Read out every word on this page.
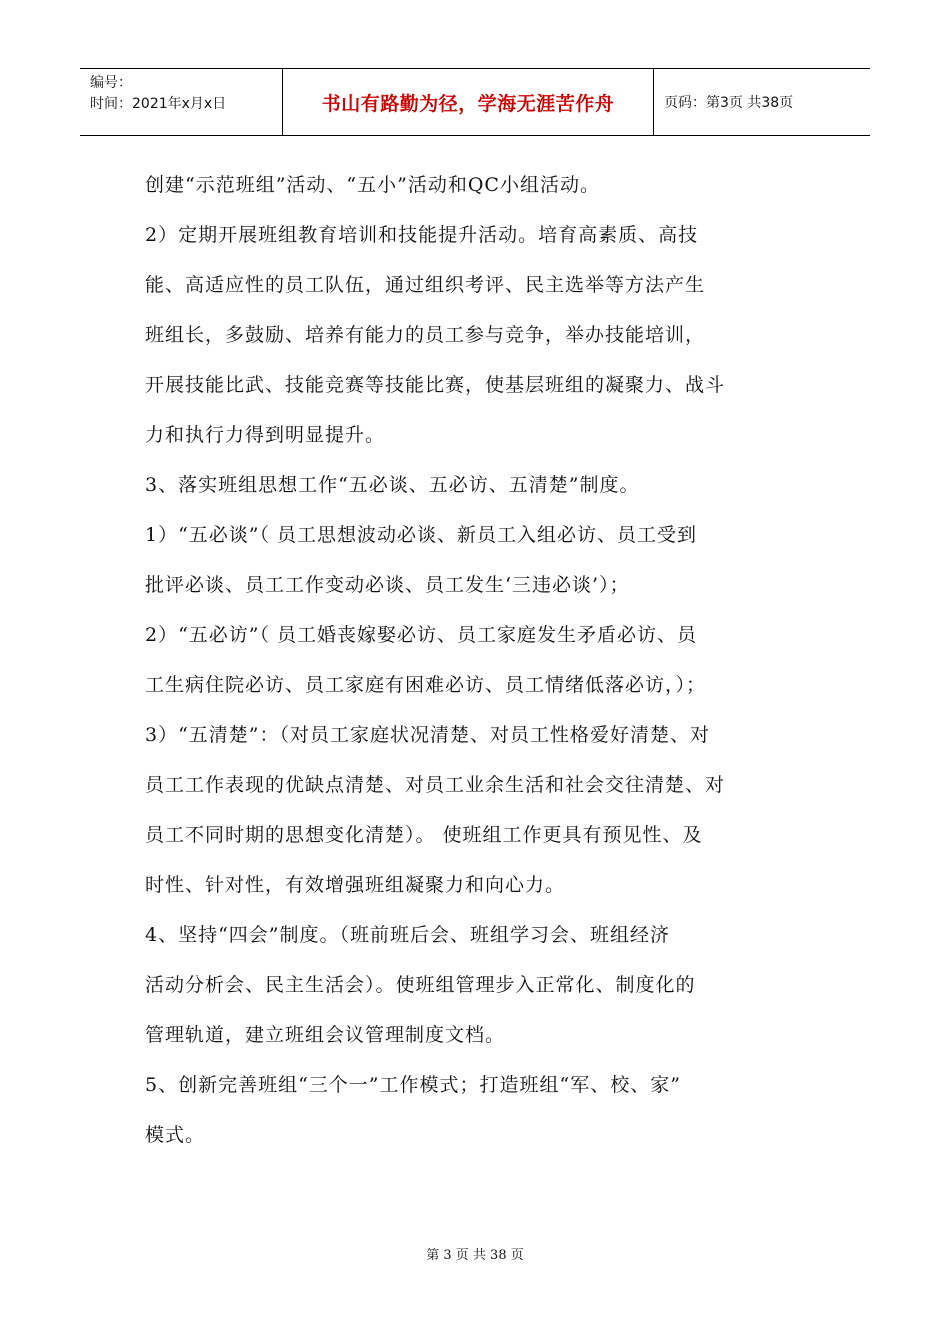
编号：
时间：2021年x月x日	书山有路勤为径，学海无涯苦作舟	页码：第3页 共38页

创建“示范班组”活动、“五小”活动和QC小组活动。

2）定期开展班组教育培训和技能提升活动。培育高素质、高技

能、高适应性的员工队伍，通过组织考评、民主选举等方法产生

班组长，多鼓励、培养有能力的员工参与竞争，举办技能培训，

开展技能比武、技能竞赛等技能比赛，使基层班组的凝聚力、战斗

力和执行力得到明显提升。

3、落实班组思想工作“五必谈、五必访、五清楚”制度。

1）“五必谈”（ 员工思想波动必谈、新员工入组必访、员工受到

批评必谈、员工工作变动必谈、员工发生‘三违必谈’）；

2）“五必访”（ 员工婚丧嫁娶必访、员工家庭发生矛盾必访、员

工生病住院必访、员工家庭有困难必访、员工情绪低落必访，）；

3）“五清楚”：（对员工家庭状况清楚、对员工性格爱好清楚、对

员工工作表现的优缺点清楚、对员工业余生活和社会交往清楚、对

员工不同时期的思想变化清楚）。 使班组工作更具有预见性、及

时性、针对性，有效增强班组凝聚力和向心力。

4、坚持“四会”制度。（班前班后会、班组学习会、班组经济

活动分析会、民主生活会）。使班组管理步入正常化、制度化的

管理轨道，建立班组会议管理制度文档。

5、创新完善班组“三个一”工作模式；打造班组“军、校、家”

模式。

第 3 页 共 38 页
